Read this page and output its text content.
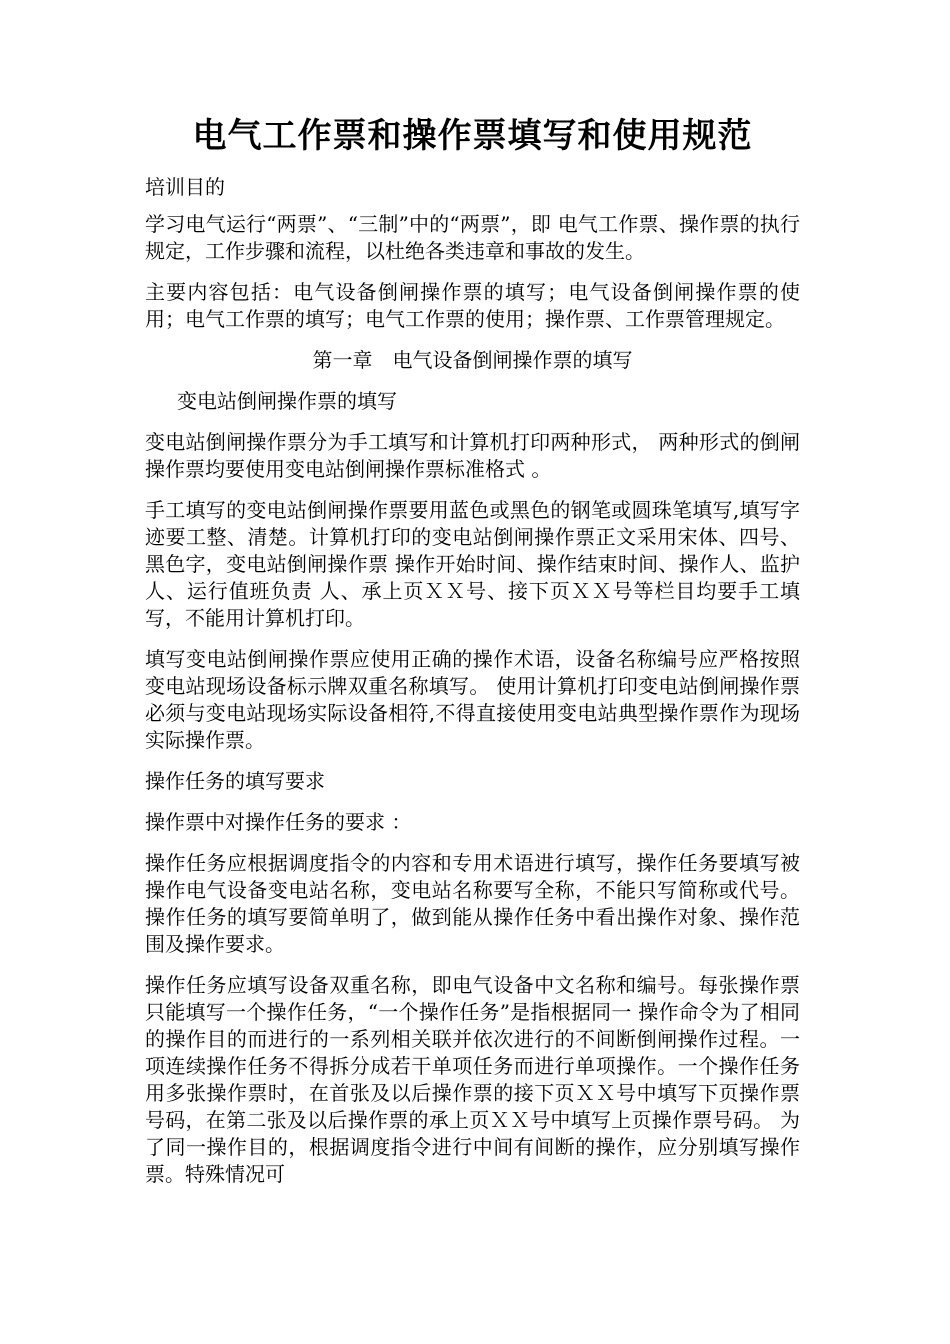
电气工作票和操作票填写和使用规范

培训目的

学习电气运行“两票”、“三制”中的“两票”，即 电气工作票、操作票的执行规定，工作步骤和流程，以杜绝各类违章和事故的发生。

主要内容包括：电气设备倒闸操作票的填写；电气设备倒闸操作票的使用；电气工作票的填写；电气工作票的使用；操作票、工作票管理规定。

第一章　电气设备倒闸操作票的填写

变电站倒闸操作票的填写

变电站倒闸操作票分为手工填写和计算机打印两种形式， 两种形式的倒闸操作票均要使用变电站倒闸操作票标准格式 。

手工填写的变电站倒闸操作票要用蓝色或黑色的钢笔或圆珠笔填写,填写字迹要工整、清楚。计算机打印的变电站倒闸操作票正文采用宋体、四号、黑色字，变电站倒闸操作票 操作开始时间、操作结束时间、操作人、监护人、运行值班负责 人、承上页ＸＸ号、接下页ＸＸ号等栏目均要手工填写，不能用计算机打印。

填写变电站倒闸操作票应使用正确的操作术语，设备名称编号应严格按照变电站现场设备标示牌双重名称填写。 使用计算机打印变电站倒闸操作票必须与变电站现场实际设备相符,不得直接使用变电站典型操作票作为现场实际操作票。

操作任务的填写要求

操作票中对操作任务的要求 ：

操作任务应根据调度指令的内容和专用术语进行填写，操作任务要填写被操作电气设备变电站名称，变电站名称要写全称，不能只写简称或代号。操作任务的填写要简单明了，做到能从操作任务中看出操作对象、操作范围及操作要求。

操作任务应填写设备双重名称，即电气设备中文名称和编号。每张操作票只能填写一个操作任务，“一个操作任务”是指根据同一 操作命令为了相同的操作目的而进行的一系列相关联并依次进行的不间断倒闸操作过程。一项连续操作任务不得拆分成若干单项任务而进行单项操作。一个操作任务用多张操作票时，在首张及以后操作票的接下页ＸＸ号中填写下页操作票号码，在第二张及以后操作票的承上页ＸＸ号中填写上页操作票号码。 为了同一操作目的，根据调度指令进行中间有间断的操作，应分别填写操作票。特殊情况可
